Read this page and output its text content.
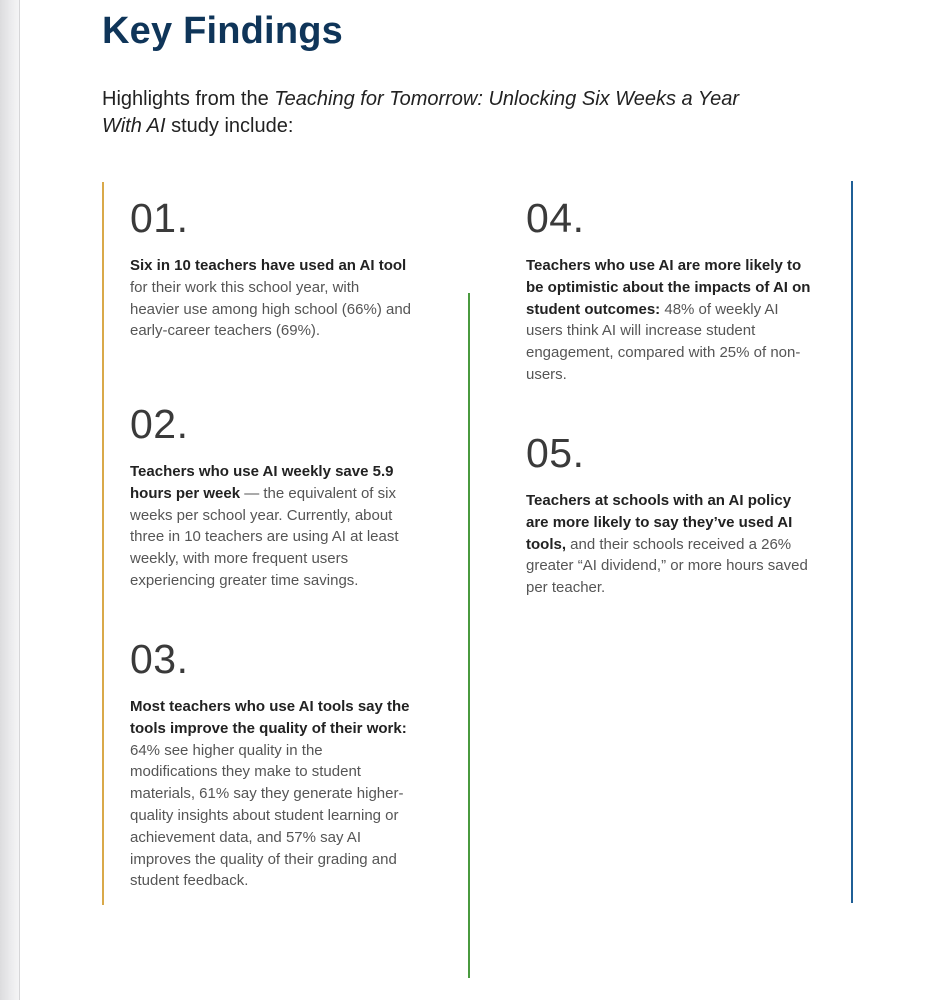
Key Findings

Highlights from the Teaching for Tomorrow: Unlocking Six Weeks a Year With AI study include:

01.

Six in 10 teachers have used an AI tool for their work this school year, with heavier use among high school (66%) and early-career teachers (69%).

02.

Teachers who use AI weekly save 5.9 hours per week — the equivalent of six weeks per school year. Currently, about three in 10 teachers are using AI at least weekly, with more frequent users experiencing greater time savings.

03.

Most teachers who use AI tools say the tools improve the quality of their work: 64% see higher quality in the modifications they make to student materials, 61% say they generate higher-quality insights about student learning or achievement data, and 57% say AI improves the quality of their grading and student feedback.

04.

Teachers who use AI are more likely to be optimistic about the impacts of AI on student outcomes: 48% of weekly AI users think AI will increase student engagement, compared with 25% of non-users.

05.

Teachers at schools with an AI policy are more likely to say they’ve used AI tools, and their schools received a 26% greater “AI dividend,” or more hours saved per teacher.
